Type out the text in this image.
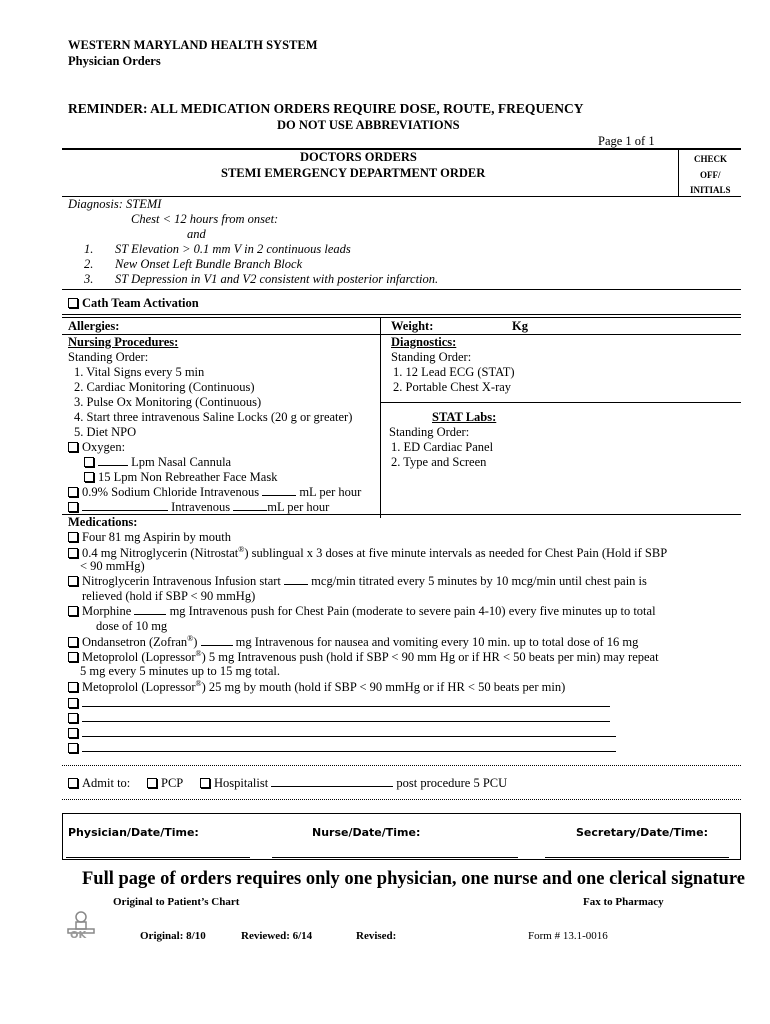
WESTERN MARYLAND HEALTH SYSTEM
Physician Orders
REMINDER: ALL MEDICATION ORDERS REQUIRE DOSE, ROUTE, FREQUENCY
DO NOT USE ABBREVIATIONS
Page 1 of 1
DOCTORS ORDERS
STEMI EMERGENCY DEPARTMENT ORDER
CHECK
OFF/
INITIALS
Diagnosis: STEMI
Chest < 12 hours from onset:
and
1. ST Elevation > 0.1 mm V in 2 continuous leads
2. New Onset Left Bundle Branch Block
3. ST Depression in V1 and V2 consistent with posterior infarction.
Cath Team Activation
Allergies:	Weight:	Kg
Nursing Procedures:
Standing Order:
1. Vital Signs every 5 min
2. Cardiac Monitoring (Continuous)
3. Pulse Ox Monitoring (Continuous)
4. Start three intravenous Saline Locks (20 g or greater)
5. Diet NPO
Oxygen:
Lpm Nasal Cannula
15 Lpm Non Rebreather Face Mask
0.9% Sodium Chloride Intravenous	mL per hour
Intravenous	mL per hour
Diagnostics:
Standing Order:
1. 12 Lead ECG (STAT)
2. Portable Chest X-ray
STAT Labs:
Standing Order:
1. ED Cardiac Panel
2. Type and Screen
Medications:
Four 81 mg Aspirin by mouth
0.4 mg Nitroglycerin (Nitrostat®) sublingual x 3 doses at five minute intervals as needed for Chest Pain (Hold if SBP
< 90 mmHg)
Nitroglycerin Intravenous Infusion start mcg/min titrated every 5 minutes by 10 mcg/min until chest pain is
relieved (hold if SBP < 90 mmHg)
Morphine	mg Intravenous push for Chest Pain (moderate to severe pain 4-10) every five minutes up to total
dose of 10 mg
Ondansetron (Zofran®)	mg Intravenous for nausea and vomiting every 10 min. up to total dose of 16 mg
Metoprolol (Lopressor®) 5 mg Intravenous push (hold if SBP < 90 mm Hg or if HR < 50 beats per min) may repeat
5 mg every 5 minutes up to 15 mg total.
Metoprolol (Lopressor®) 25 mg by mouth (hold if SBP < 90 mmHg or if HR < 50 beats per min)
Admit to:	PCP	Hospitalist	post procedure 5 PCU
Physician/Date/Time:	Nurse/Date/Time:	Secretary/Date/Time:
Full page of orders requires only one physician, one nurse and one clerical signature
Original to Patient’s Chart	Fax to Pharmacy
OK	Original: 8/10	Reviewed: 6/14	Revised:	Form # 13.1-0016
